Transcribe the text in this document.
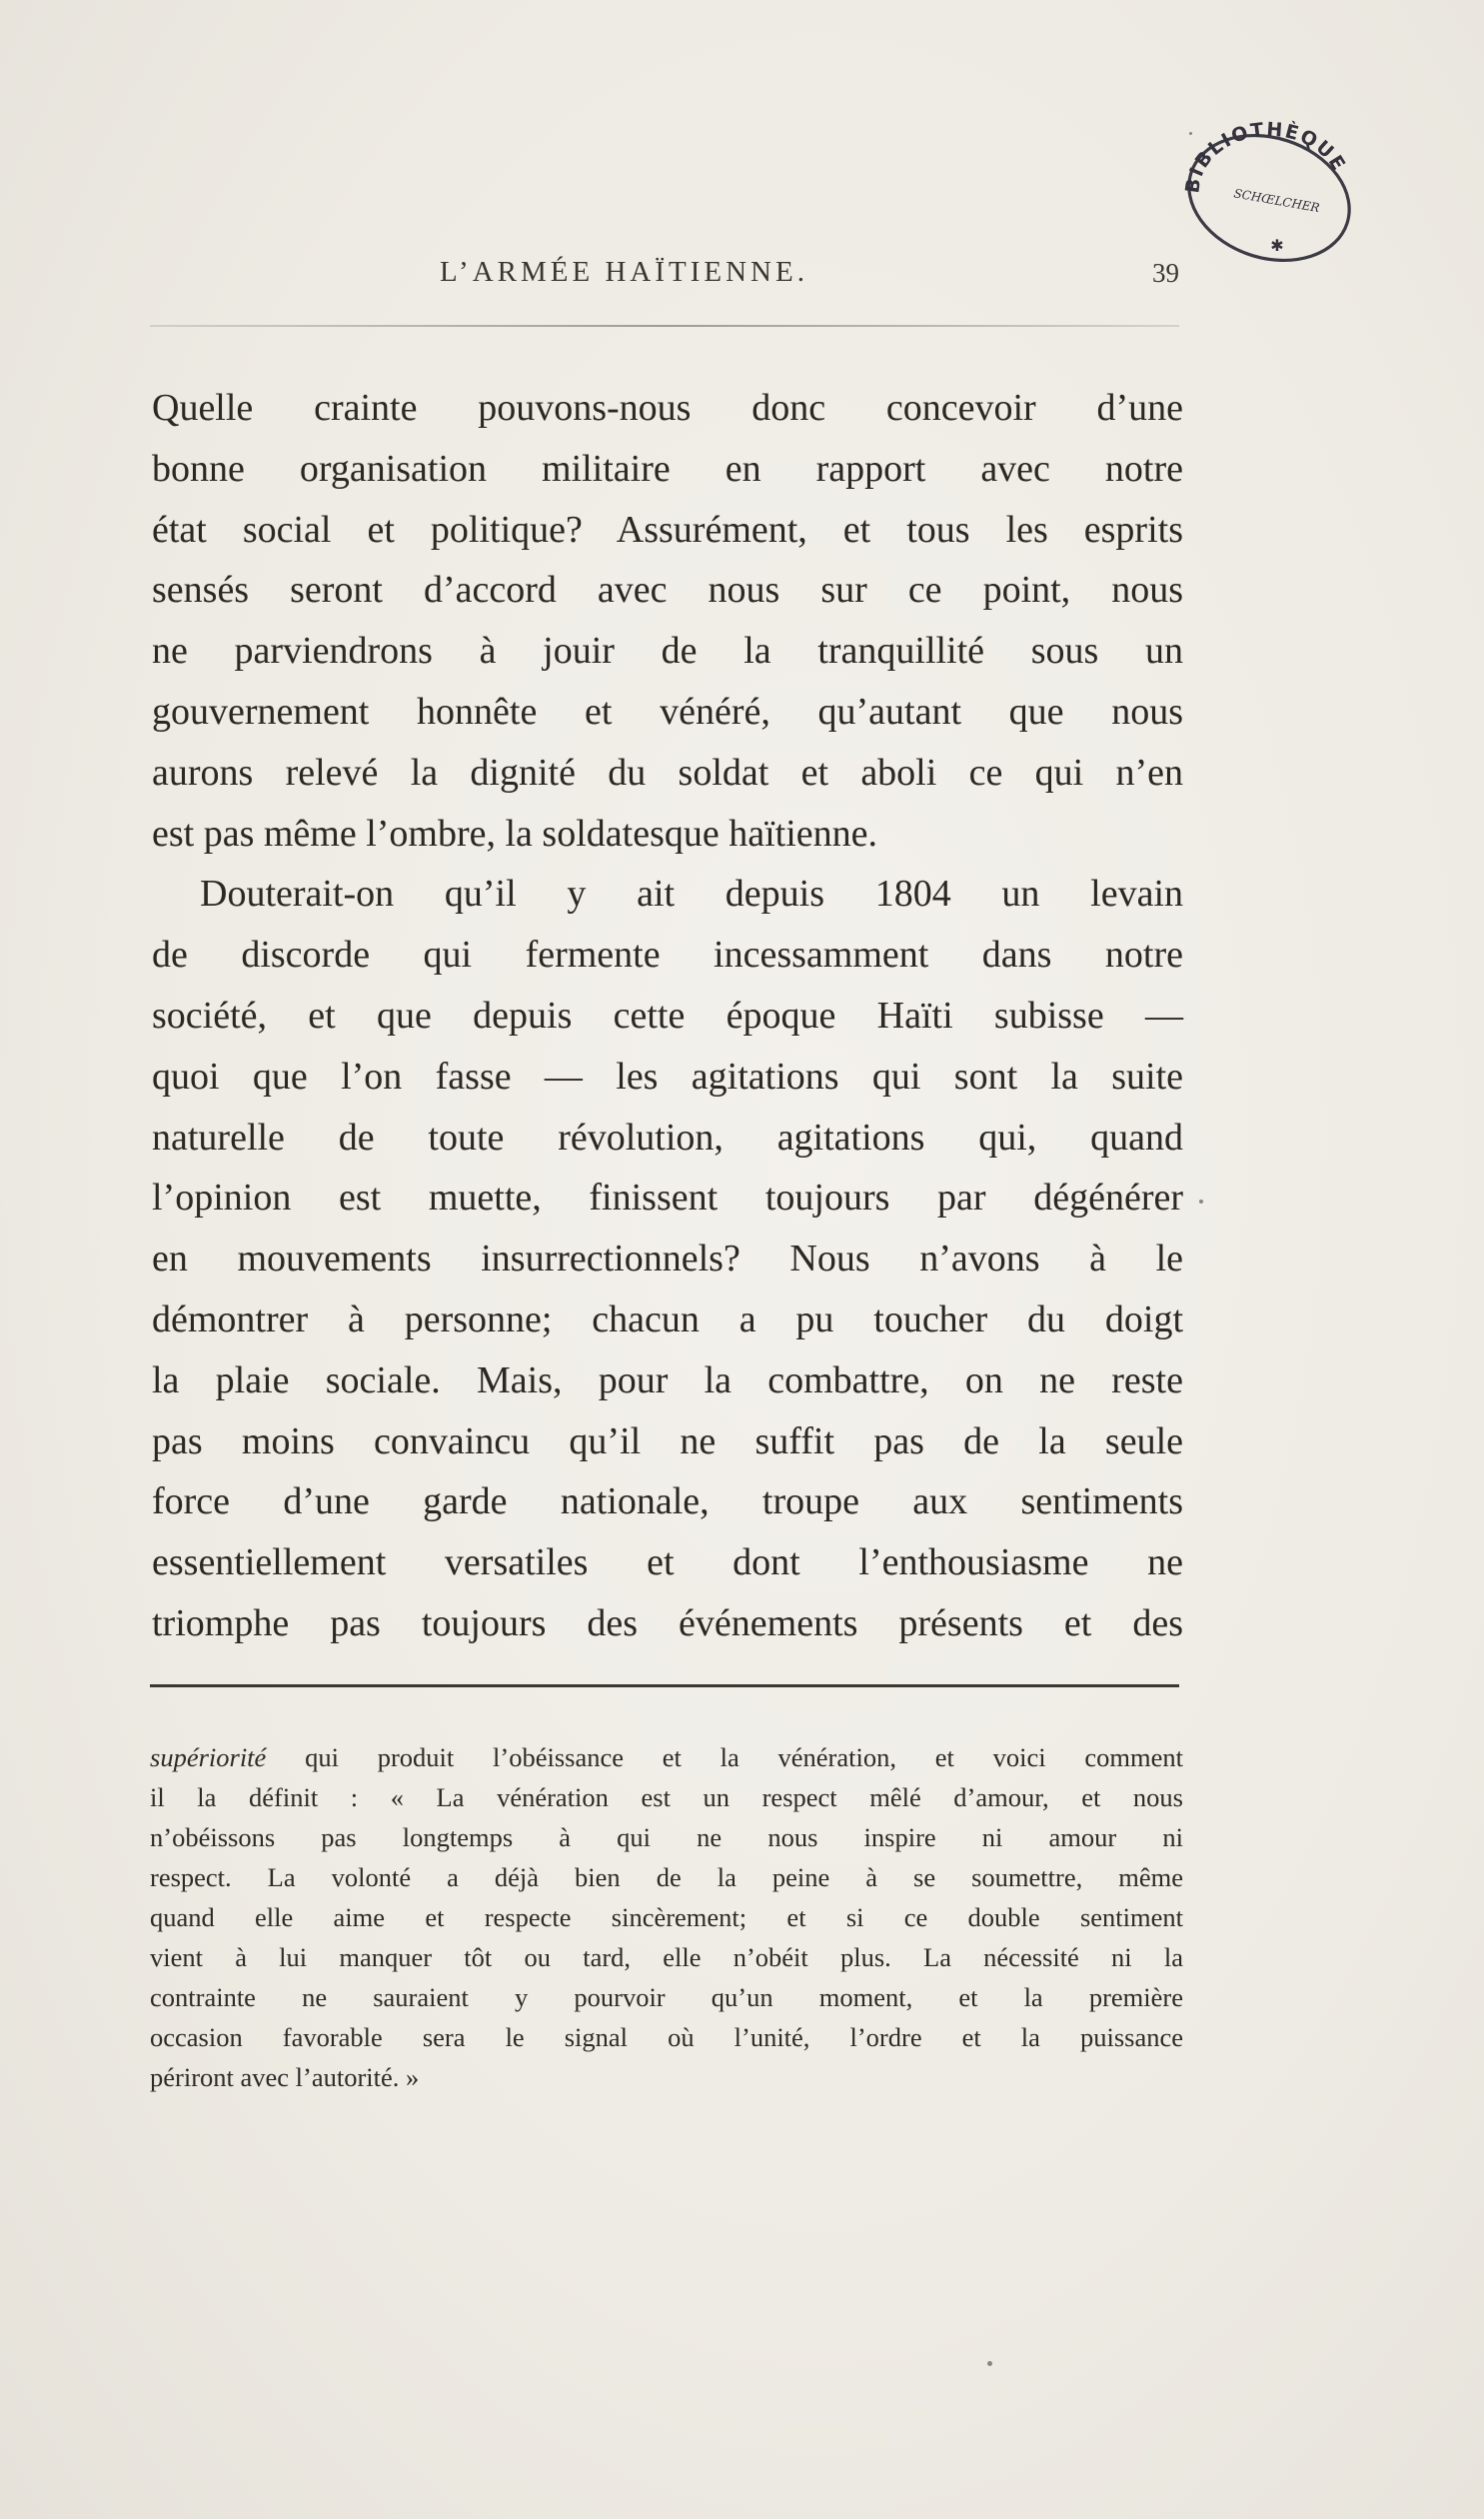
BIBLIOTHÈQUE
SCHŒLCHER
✱
L’ARMÉE HAÏTIENNE.	39
Quelle crainte pouvons-nous donc concevoir d’une
bonne organisation militaire en rapport avec notre
état social et politique? Assurément, et tous les esprits
sensés seront d’accord avec nous sur ce point, nous
ne parviendrons à jouir de la tranquillité sous un
gouvernement honnête et vénéré, qu’autant que nous
aurons relevé la dignité du soldat et aboli ce qui n’en
est pas même l’ombre, la soldatesque haïtienne.
Douterait-on qu’il y ait depuis 1804 un levain
de discorde qui fermente incessamment dans notre
société, et que depuis cette époque Haïti subisse —
quoi que l’on fasse — les agitations qui sont la suite
naturelle de toute révolution, agitations qui, quand
l’opinion est muette, finissent toujours par dégénérer
en mouvements insurrectionnels? Nous n’avons à le
démontrer à personne; chacun a pu toucher du doigt
la plaie sociale. Mais, pour la combattre, on ne reste
pas moins convaincu qu’il ne suffit pas de la seule
force d’une garde nationale, troupe aux sentiments
essentiellement versatiles et dont l’enthousiasme ne
triomphe pas toujours des événements présents et des
supériorité qui produit l’obéissance et la vénération, et voici comment
il la définit : « La vénération est un respect mêlé d’amour, et nous
n’obéissons pas longtemps à qui ne nous inspire ni amour ni
respect. La volonté a déjà bien de la peine à se soumettre, même
quand elle aime et respecte sincèrement; et si ce double sentiment
vient à lui manquer tôt ou tard, elle n’obéit plus. La nécessité ni la
contrainte ne sauraient y pourvoir qu’un moment, et la première
occasion favorable sera le signal où l’unité, l’ordre et la puissance
périront avec l’autorité. »
